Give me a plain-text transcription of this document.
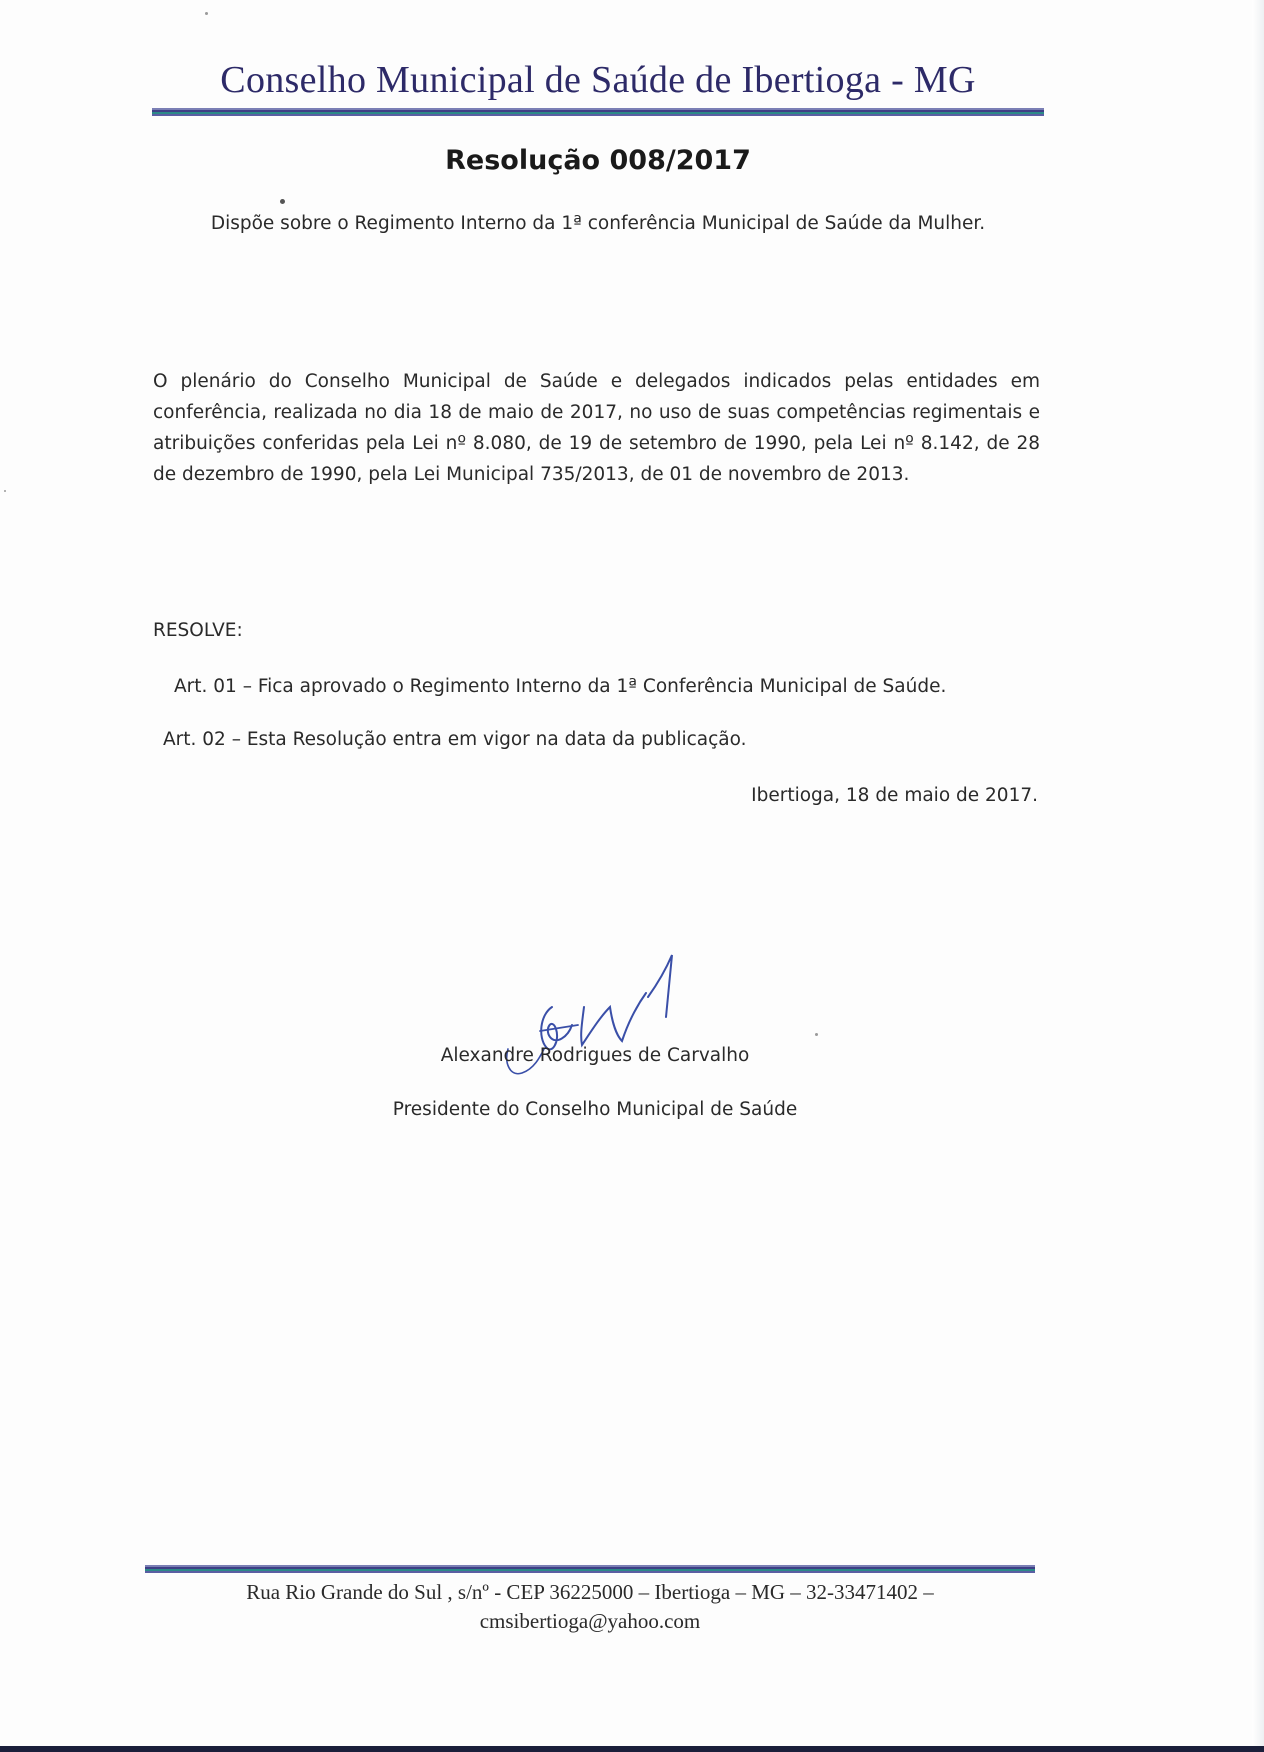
Conselho Municipal de Saúde de Ibertioga - MG
Resolução 008/2017
Dispõe sobre o Regimento Interno da 1ª conferência Municipal de Saúde da Mulher.
O plenário do Conselho Municipal de Saúde e delegados indicados pelas entidades em conferência, realizada no dia 18 de maio de 2017, no uso de suas competências regimentais e atribuições conferidas pela Lei nº 8.080, de 19 de setembro de 1990, pela Lei nº 8.142, de 28 de dezembro de 1990, pela Lei Municipal 735/2013, de 01 de novembro de 2013.
RESOLVE:
Art. 01 – Fica aprovado o Regimento Interno da 1ª Conferência Municipal de Saúde.
Art. 02 – Esta Resolução entra em vigor na data da publicação.
Ibertioga, 18 de maio de 2017.
Alexandre Rodrigues de Carvalho
Presidente do Conselho Municipal de Saúde
Rua Rio Grande do Sul , s/nº - CEP 36225000 – Ibertioga – MG – 32-33471402 –
cmsibertioga@yahoo.com
